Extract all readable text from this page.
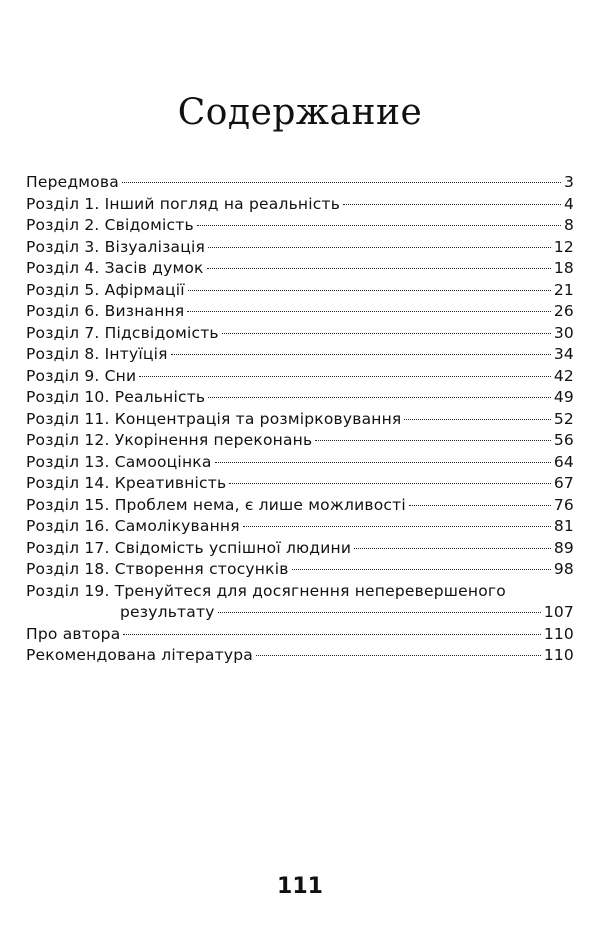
Содержание
Передмова	3
Розділ 1. Інший погляд на реальність	4
Розділ 2. Свідомість	8
Розділ 3. Візуалізація	12
Розділ 4. Засів думок	18
Розділ 5. Афірмації	21
Розділ 6. Визнання	26
Розділ 7. Підсвідомість	30
Розділ 8. Інтуїція	34
Розділ 9. Сни	42
Розділ 10. Реальність	49
Розділ 11. Концентрація та розмірковування	52
Розділ 12. Укорінення переконань	56
Розділ 13. Самооцінка	64
Розділ 14. Креативність	67
Розділ 15. Проблем нема, є лише можливості	76
Розділ 16. Самолікування	81
Розділ 17. Свідомість успішної людини	89
Розділ 18. Створення стосунків	98
Розділ 19. Тренуйтеся для досягнення неперевершеного
результату	107
Про автора	110
Рекомендована література	110
111
